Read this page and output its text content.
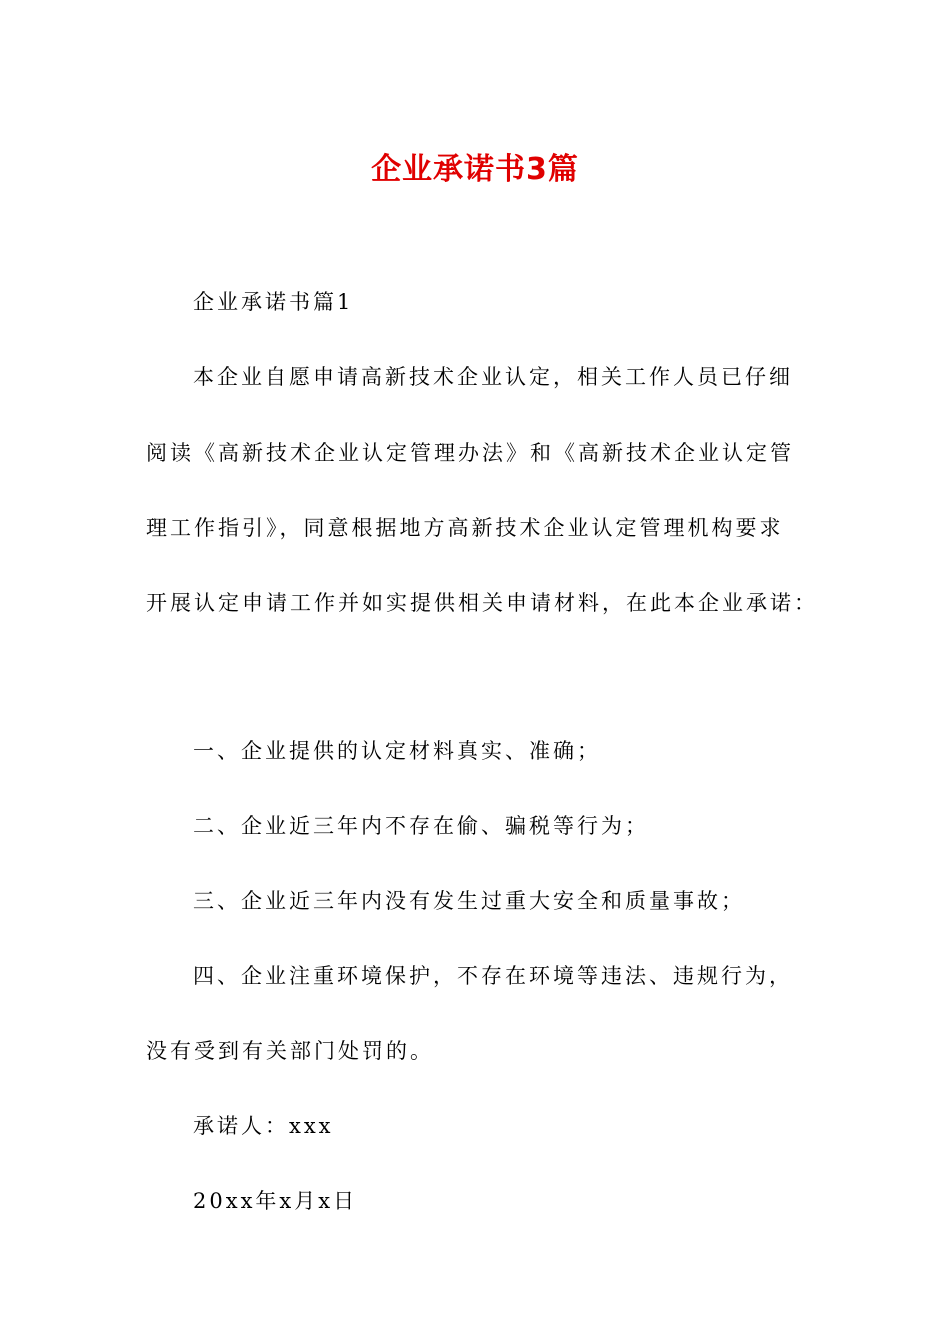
企业承诺书3篇
企业承诺书篇1
本企业自愿申请高新技术企业认定，相关工作人员已仔细
阅读《高新技术企业认定管理办法》和《高新技术企业认定管
理工作指引》，同意根据地方高新技术企业认定管理机构要求
开展认定申请工作并如实提供相关申请材料，在此本企业承诺：
一、企业提供的认定材料真实、准确；
二、企业近三年内不存在偷、骗税等行为；
三、企业近三年内没有发生过重大安全和质量事故；
四、企业注重环境保护，不存在环境等违法、违规行为，
没有受到有关部门处罚的。
承诺人：xxx
20xx年x月x日
